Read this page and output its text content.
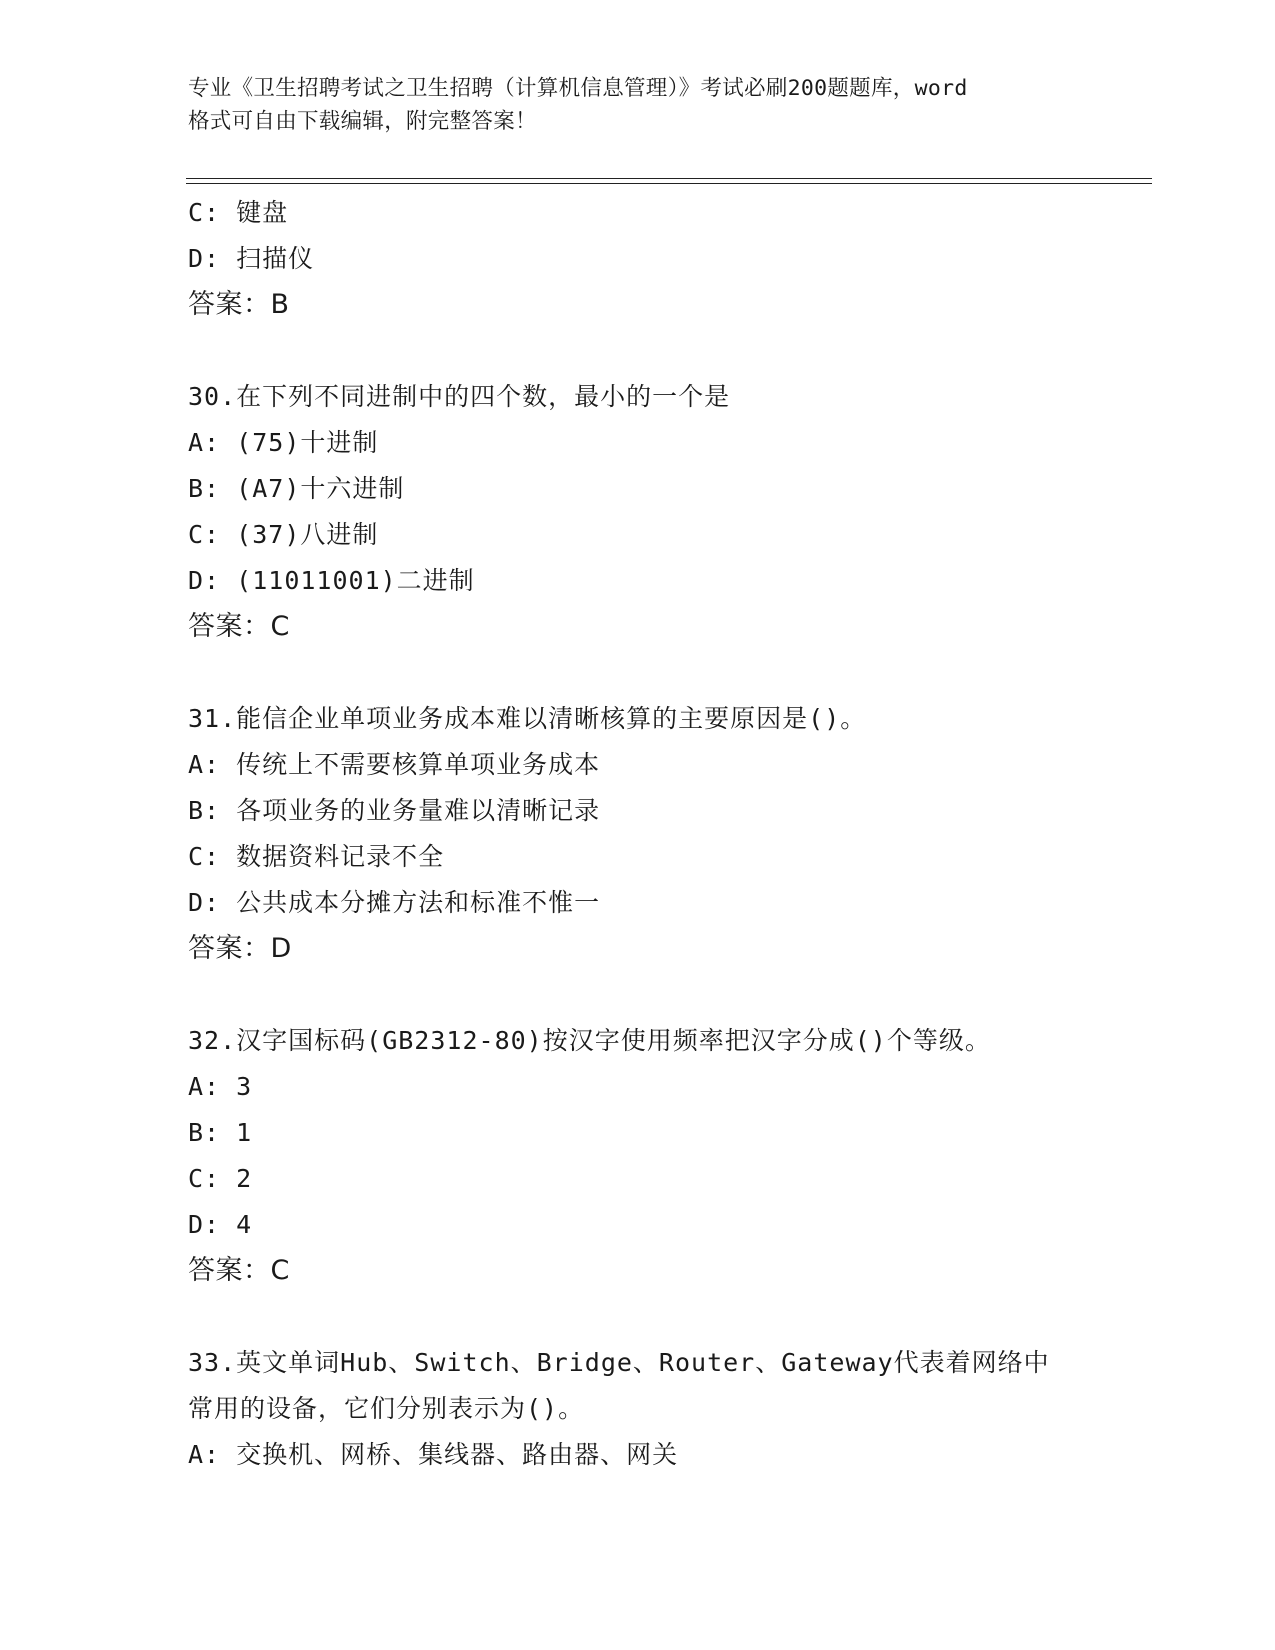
专业《卫生招聘考试之卫生招聘（计算机信息管理）》考试必刷200题题库，word
格式可自由下载编辑，附完整答案！
C: 键盘
D: 扫描仪
答案：B
30.在下列不同进制中的四个数，最小的一个是
A: (75)十进制
B: (A7)十六进制
C: (37)八进制
D: (11011001)二进制
答案：C
31.能信企业单项业务成本难以清晰核算的主要原因是()。
A: 传统上不需要核算单项业务成本
B: 各项业务的业务量难以清晰记录
C: 数据资料记录不全
D: 公共成本分摊方法和标准不惟一
答案：D
32.汉字国标码(GB2312-80)按汉字使用频率把汉字分成()个等级。
A: 3
B: 1
C: 2
D: 4
答案：C
33.英文单词Hub、Switch、Bridge、Router、Gateway代表着网络中
常用的设备，它们分别表示为()。
A: 交换机、网桥、集线器、路由器、网关
